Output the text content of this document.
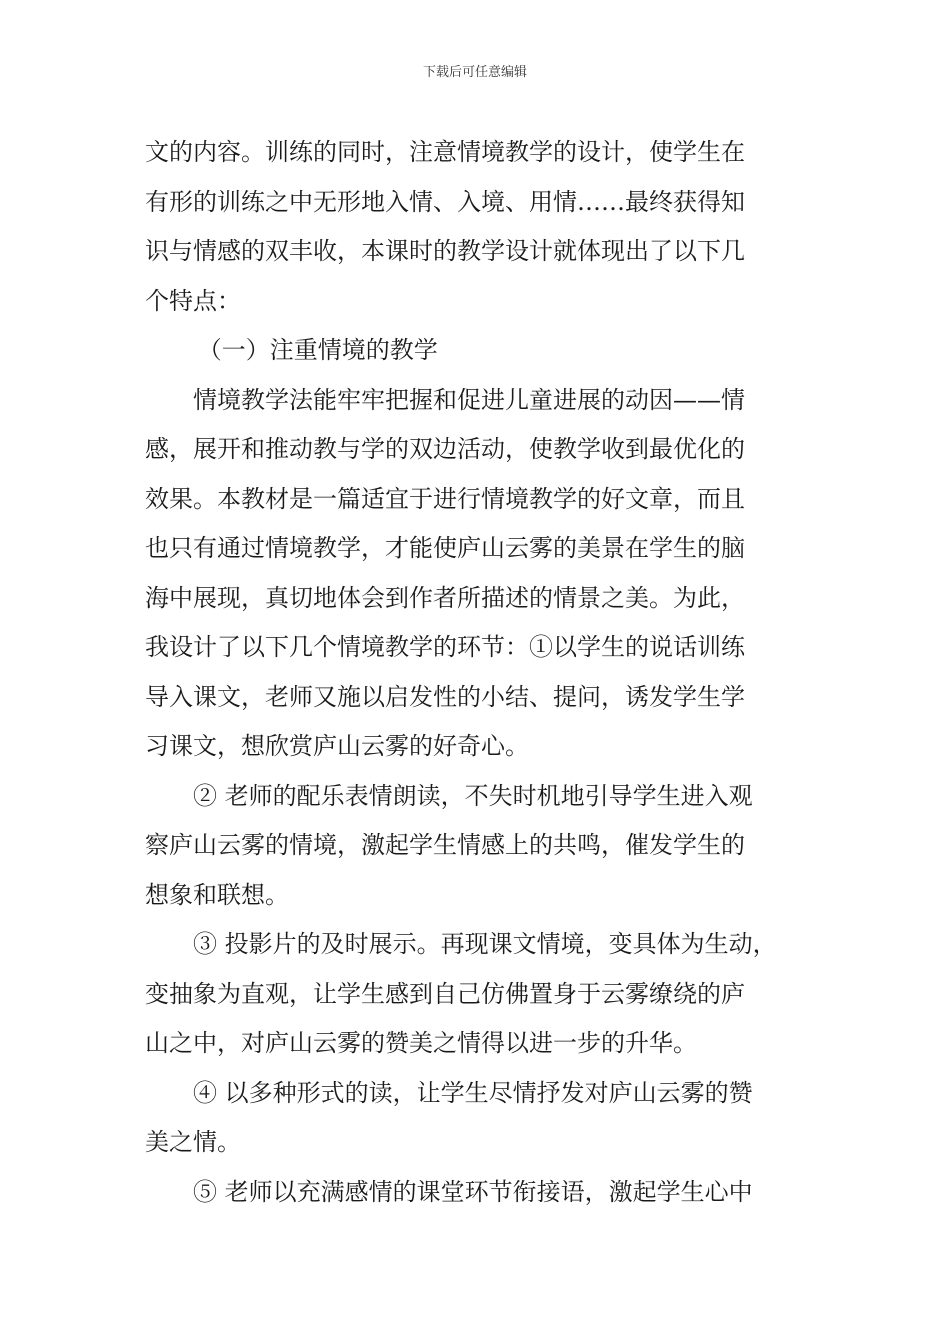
下载后可任意编辑
文的内容。训练的同时，注意情境教学的设计，使学生在
有形的训练之中无形地入情、入境、用情……最终获得知
识与情感的双丰收，本课时的教学设计就体现出了以下几
个特点：
（一）注重情境的教学
情境教学法能牢牢把握和促进儿童进展的动因——情
感，展开和推动教与学的双边活动，使教学收到最优化的
效果。本教材是一篇适宜于进行情境教学的好文章，而且
也只有通过情境教学，才能使庐山云雾的美景在学生的脑
海中展现，真切地体会到作者所描述的情景之美。为此，
我设计了以下几个情境教学的环节：①以学生的说话训练
导入课文，老师又施以启发性的小结、提问，诱发学生学
习课文，想欣赏庐山云雾的好奇心。
② 老师的配乐表情朗读，不失时机地引导学生进入观
察庐山云雾的情境，激起学生情感上的共鸣，催发学生的
想象和联想。
③ 投影片的及时展示。再现课文情境，变具体为生动，
变抽象为直观，让学生感到自己仿佛置身于云雾缭绕的庐
山之中，对庐山云雾的赞美之情得以进一步的升华。
④ 以多种形式的读，让学生尽情抒发对庐山云雾的赞
美之情。
⑤ 老师以充满感情的课堂环节衔接语，激起学生心中
